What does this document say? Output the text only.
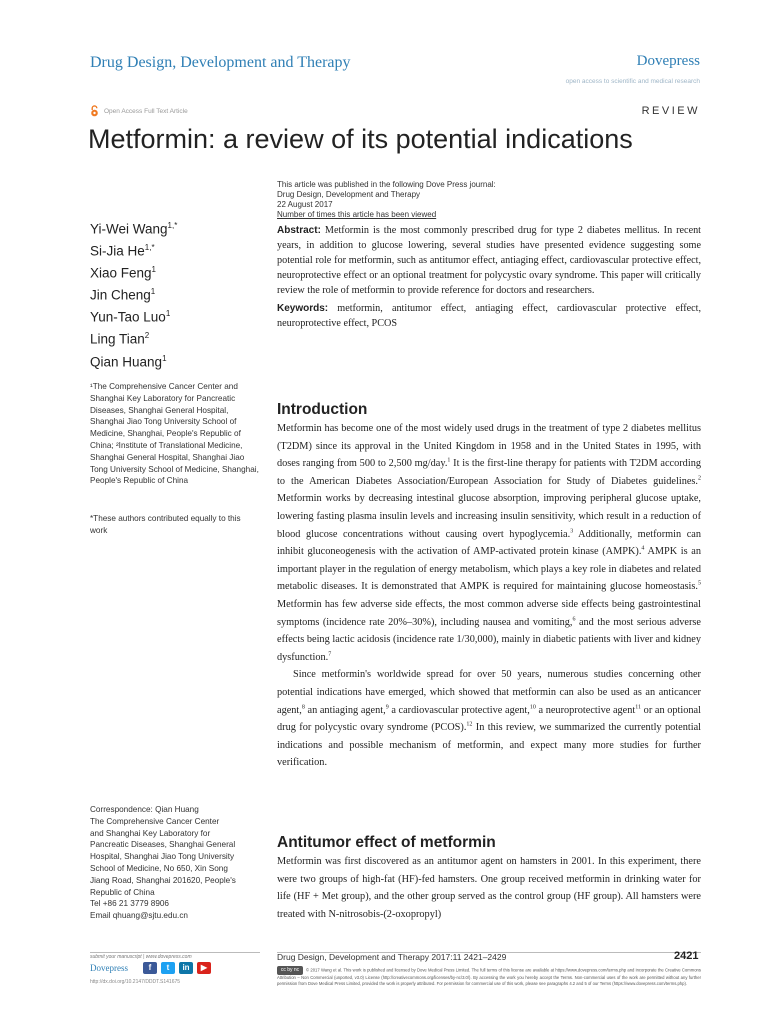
Drug Design, Development and Therapy	Dovepress
open access to scientific and medical research
Open Access Full Text Article	REVIEW
Metformin: a review of its potential indications
This article was published in the following Dove Press journal:
Drug Design, Development and Therapy
22 August 2017
Number of times this article has been viewed
Yi-Wei Wang$^{1,*}$
Si-Jia $He^{1,*}$
Xiao Feng$^1$
Jin Cheng$^1$
Yun-Tao Luo$^1$
Ling Tian$^2$
Qian Huang$^1$
¹The Comprehensive Cancer Center and Shanghai Key Laboratory for Pancreatic Diseases, Shanghai General Hospital, Shanghai Jiao Tong University School of Medicine, Shanghai, People's Republic of China; ²Institute of Translational Medicine, Shanghai General Hospital, Shanghai Jiao Tong University School of Medicine, Shanghai, People's Republic of China
*These authors contributed equally to this work
Correspondence: Qian Huang
The Comprehensive Cancer Center
and Shanghai Key Laboratory for
Pancreatic Diseases, Shanghai General
Hospital, Shanghai Jiao Tong University
School of Medicine, No 650, Xin Song
Jiang Road, Shanghai 201620, People's
Republic of China
Tel +86 21 3779 8906
Email qhuang@sjtu.edu.cn
Abstract: Metformin is the most commonly prescribed drug for type 2 diabetes mellitus. In recent years, in addition to glucose lowering, several studies have presented evidence suggesting some potential role for metformin, such as antitumor effect, antiaging effect, cardiovascular protective effect, neuroprotective effect or an optional treatment for polycystic ovary syndrome. This paper will critically review the role of metformin to provide reference for doctors and researchers.
Keywords: metformin, antitumor effect, antiaging effect, cardiovascular protective effect, neuroprotective effect, PCOS
Introduction

Metformin has become one of the most widely used drugs in the treatment of type 2 diabetes mellitus (T2DM) since its approval in the United Kingdom in 1958 and in the United States in 1995, with doses ranging from 500 to 2,500 mg/day.$^1$ It is the first-line therapy for patients with T2DM according to the American Diabetes Association/European Association for Study of Diabetes guidelines.$^2$ Metformin works by decreasing intestinal glucose absorption, improving peripheral glucose uptake, lowering fasting plasma insulin levels and increasing insulin sensitivity, which result in a reduction of blood glucose concentrations without causing overt hypoglycemia.$^3$ Additionally, metformin can inhibit gluconeogenesis with the activation of AMP-activated protein kinase (AMPK).$^4$ AMPK is an important player in the regulation of energy metabolism, which plays a key role in diabetes and related metabolic diseases. It is demonstrated that AMPK is required for maintaining glucose homeostasis.$^5$ Metformin has few adverse side effects, the most common adverse side effects being gastrointestinal symptoms (incidence rate 20%–30%), including nausea and vomiting,$^6$ and the most serious adverse effects being lactic acidosis (incidence rate 1/30,000), mainly in diabetic patients with liver and kidney dysfunction.$^7$

Since metformin's worldwide spread for over 50 years, numerous studies concerning other potential indications have emerged, which showed that metformin can also be used as an anticancer agent,$^8$ an antiaging agent,$^9$ a cardiovascular protective agent,$^{10}$ a neuroprotective agent$^{11}$ or an optional drug for polycystic ovary syndrome (PCOS).$^{12}$ In this review, we summarized the currently potential indications and possible mechanism of metformin, and expect many more studies for further verification.

Antitumor effect of metformin

Metformin was first discovered as an antitumor agent on hamsters in 2001. In this experiment, there were two groups of high-fat (HF)-fed hamsters. One group received metformin in drinking water for life (HF + Met group), and the other group served as the control group (HF group). All hamsters were treated with N-nitrosobis-(2-oxopropyl)

submit your manuscript | www.dovepress.com
Dovepress	f	t	in	▶
http://dx.doi.org/10.2147/DDDT.S141675
Drug Design, Development and Therapy 2017:11 2421–2429	2421
cc by nc © 2017 Wang et al. This work is published and licensed by Dove Medical Press Limited. The full terms of this license are available at https://www.dovepress.com/terms.php and incorporate the Creative Commons Attribution – Non Commercial (unported, v3.0) License (http://creativecommons.org/licenses/by-nc/3.0/). By accessing the work you hereby accept the Terms. Non-commercial uses of the work are permitted without any further permission from Dove Medical Press Limited, provided the work is properly attributed. For permission for commercial use of this work, please see paragraphs 4.2 and 5 of our Terms (https://www.dovepress.com/terms.php).
